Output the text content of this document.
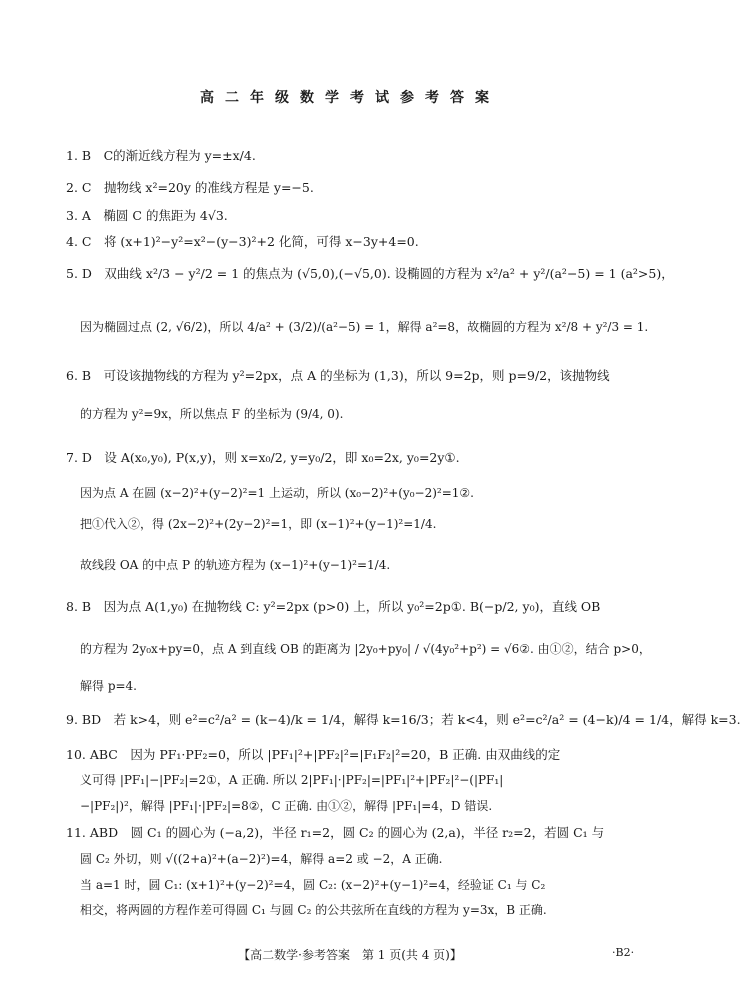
高二年级数学考试参考答案
1. B　C的渐近线方程为 y=±x/4.
2. C　抛物线 x²=20y 的准线方程是 y=−5.
3. A　椭圆 C 的焦距为 4√3.
4. C　将 (x+1)²−y²=x²−(y−3)²+2 化简，可得 x−3y+4=0.
5. D　双曲线 x²/3 − y²/2 = 1 的焦点为 (√5,0),(−√5,0). 设椭圆的方程为 x²/a² + y²/(a²−5) = 1 (a²>5)，
因为椭圆过点 (2, √6/2)，所以 4/a² + (3/2)/(a²−5) = 1，解得 a²=8，故椭圆的方程为 x²/8 + y²/3 = 1.
6. B　可设该抛物线的方程为 y²=2px，点 A 的坐标为 (1,3)，所以 9=2p，则 p=9/2，该抛物线
的方程为 y²=9x，所以焦点 F 的坐标为 (9/4, 0).
7. D　设 A(x₀,y₀), P(x,y)，则 x=x₀/2, y=y₀/2，即 x₀=2x, y₀=2y①.
因为点 A 在圆 (x−2)²+(y−2)²=1 上运动，所以 (x₀−2)²+(y₀−2)²=1②.
把①代入②，得 (2x−2)²+(2y−2)²=1，即 (x−1)²+(y−1)²=1/4.
故线段 OA 的中点 P 的轨迹方程为 (x−1)²+(y−1)²=1/4.
8. B　因为点 A(1,y₀) 在抛物线 C: y²=2px (p>0) 上，所以 y₀²=2p①. B(−p/2, y₀)，直线 OB
的方程为 2y₀x+py=0，点 A 到直线 OB 的距离为 |2y₀+py₀| / √(4y₀²+p²) = √6②. 由①②，结合 p>0，
解得 p=4.
9. BD　若 k>4，则 e²=c²/a² = (k−4)/k = 1/4，解得 k=16/3；若 k<4，则 e²=c²/a² = (4−k)/4 = 1/4，解得 k=3.
10. ABC　因为 PF₁·PF₂=0，所以 |PF₁|²+|PF₂|²=|F₁F₂|²=20，B 正确. 由双曲线的定
义可得 |PF₁|−|PF₂|=2①，A 正确. 所以 2|PF₁|·|PF₂|=|PF₁|²+|PF₂|²−(|PF₁|
−|PF₂|)²，解得 |PF₁|·|PF₂|=8②，C 正确. 由①②，解得 |PF₁|=4，D 错误.
11. ABD　圆 C₁ 的圆心为 (−a,2)，半径 r₁=2，圆 C₂ 的圆心为 (2,a)，半径 r₂=2，若圆 C₁ 与
圆 C₂ 外切，则 √((2+a)²+(a−2)²)=4，解得 a=2 或 −2，A 正确.
当 a=1 时，圆 C₁: (x+1)²+(y−2)²=4，圆 C₂: (x−2)²+(y−1)²=4，经验证 C₁ 与 C₂
相交，将两圆的方程作差可得圆 C₁ 与圆 C₂ 的公共弦所在直线的方程为 y=3x，B 正确.
【高二数学·参考答案　第 1 页(共 4 页)】	·B2·
